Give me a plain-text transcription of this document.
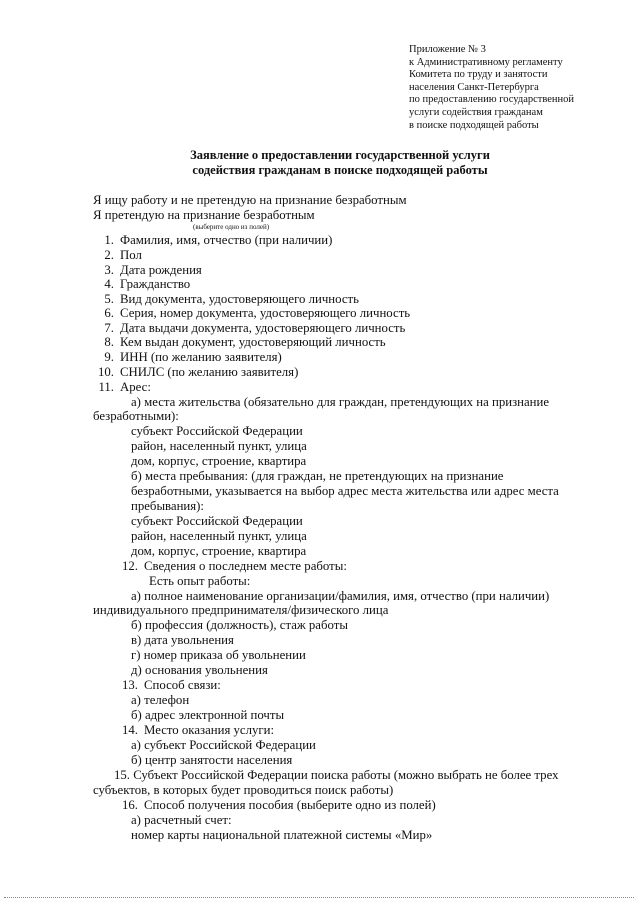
Приложение № 3
к Административному регламенту
Комитета по труду и занятости
населения Санкт-Петербурга
по предоставлению государственной
услуги содействия гражданам
в поиске подходящей работы
Заявление о предоставлении государственной услуги
содействия гражданам в поиске подходящей работы
Я ищу работу и не претендую на признание безработным
Я претендую на признание безработным
(выберите одно из полей)
1. Фамилия, имя, отчество (при наличии)
2. Пол
3. Дата рождения
4. Гражданство
5. Вид документа, удостоверяющего личность
6. Серия, номер документа, удостоверяющего личность
7. Дата выдачи документа, удостоверяющего личность
8. Кем выдан документ, удостоверяющий личность
9. ИНН (по желанию заявителя)
10. СНИЛС (по желанию заявителя)
11. Арес:
а) места жительства (обязательно для граждан, претендующих на признание
безработными):
субъект Российской Федерации
район, населенный пункт, улица
дом, корпус, строение, квартира
б) места пребывания: (для граждан, не претендующих на признание
безработными, указывается на выбор адрес места жительства или адрес места
пребывания):
субъект Российской Федерации
район, населенный пункт, улица
дом, корпус, строение, квартира
12. Сведения о последнем месте работы:
Есть опыт работы:
а) полное наименование организации/фамилия, имя, отчество (при наличии)
индивидуального предпринимателя/физического лица
б) профессия (должность), стаж работы
в) дата увольнения
г) номер приказа об увольнении
д) основания увольнения
13. Способ связи:
а) телефон
б) адрес электронной почты
14. Место оказания услуги:
а) субъект Российской Федерации
б) центр занятости населения
15. Субъект Российской Федерации поиска работы (можно выбрать не более трех
субъектов, в которых будет проводиться поиск работы)
16. Способ получения пособия (выберите одно из полей)
а) расчетный счет:
номер карты национальной платежной системы «Мир»
